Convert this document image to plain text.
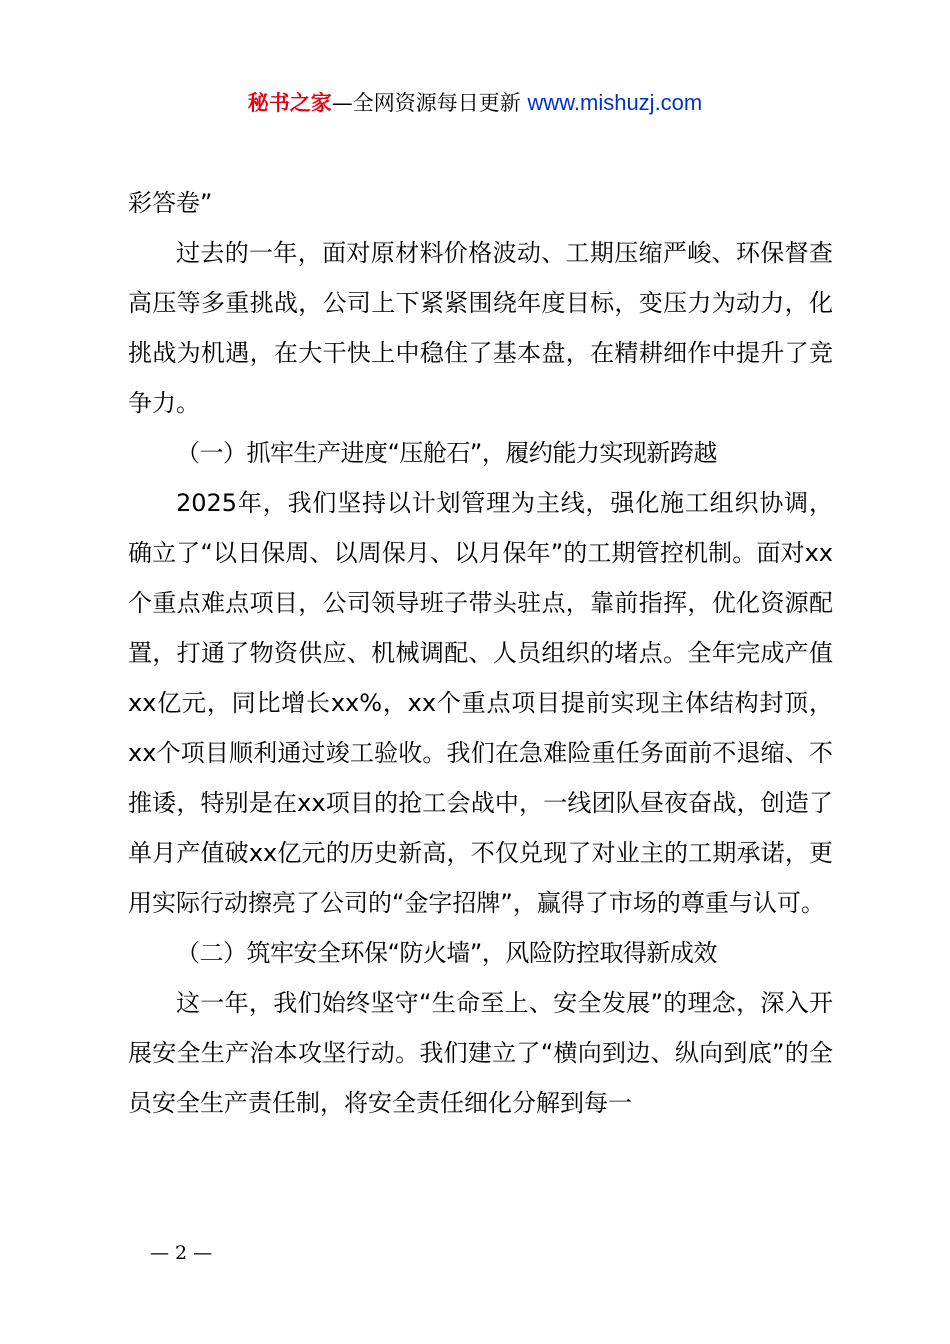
秘书之家—全网资源每日更新 www.mishuzj.com

彩答卷”

过去的一年，面对原材料价格波动、工期压缩严峻、环保督查高压等多重挑战，公司上下紧紧围绕年度目标，变压力为动力，化挑战为机遇，在大干快上中稳住了基本盘，在精耕细作中提升了竞争力。

（一）抓牢生产进度“压舱石”，履约能力实现新跨越

2025年，我们坚持以计划管理为主线，强化施工组织协调，确立了“以日保周、以周保月、以月保年”的工期管控机制。面对xx个重点难点项目，公司领导班子带头驻点，靠前指挥，优化资源配置，打通了物资供应、机械调配、人员组织的堵点。全年完成产值xx亿元，同比增长xx%，xx个重点项目提前实现主体结构封顶，xx个项目顺利通过竣工验收。我们在急难险重任务面前不退缩、不推诿，特别是在xx项目的抢工会战中，一线团队昼夜奋战，创造了单月产值破xx亿元的历史新高，不仅兑现了对业主的工期承诺，更用实际行动擦亮了公司的“金字招牌”，赢得了市场的尊重与认可。

（二）筑牢安全环保“防火墙”，风险防控取得新成效

这一年，我们始终坚守“生命至上、安全发展”的理念，深入开展安全生产治本攻坚行动。我们建立了“横向到边、纵向到底”的全员安全生产责任制，将安全责任细化分解到每一

— 2 —
